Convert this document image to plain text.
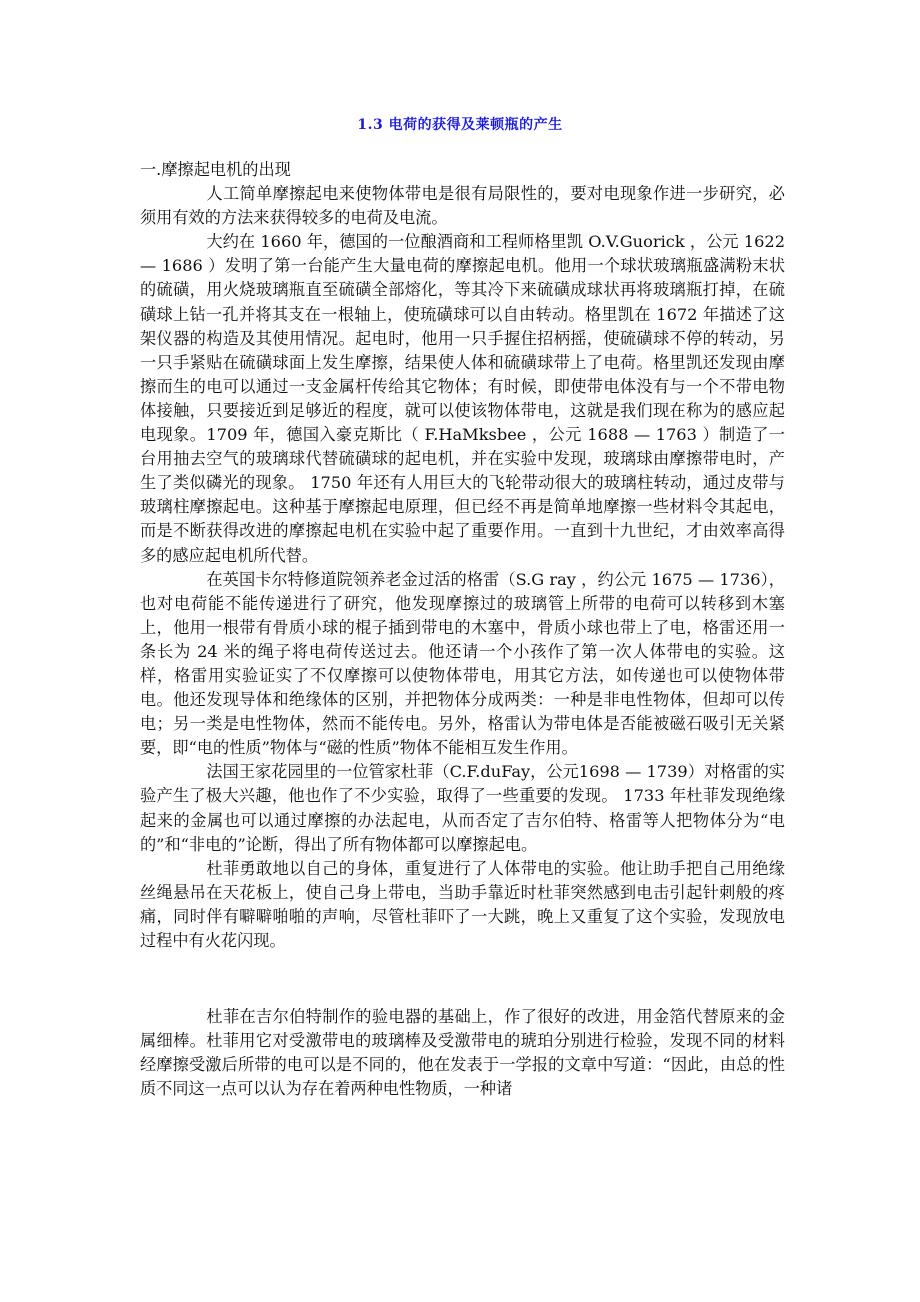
1.3 电荷的获得及莱顿瓶的产生

一.摩擦起电机的出现

人工简单摩擦起电来使物体带电是很有局限性的，要对电现象作进一步研究，必须用有效的方法来获得较多的电荷及电流。

大约在 1660 年，德国的一位酿酒商和工程师格里凯 O.V.Guorick ，公元 1622 — 1686 ）发明了第一台能产生大量电荷的摩擦起电机。他用一个球状玻璃瓶盛满粉末状的硫磺，用火烧玻璃瓶直至硫磺全部熔化，等其冷下来硫磺成球状再将玻璃瓶打掉，在硫磺球上钻一孔并将其支在一根轴上，使琉磺球可以自由转动。格里凯在 1672 年描述了这架仪器的构造及其使用情况。起电时，他用一只手握住招柄摇，使硫磺球不停的转动，另一只手紧贴在硫磺球面上发生摩擦，结果使人体和硫磺球带上了电荷。格里凯还发现由摩擦而生的电可以通过一支金属杆传给其它物体；有时候，即使带电体没有与一个不带电物体接触，只要接近到足够近的程度，就可以使该物体带电，这就是我们现在称为的感应起电现象。1709 年，德国入豪克斯比（ F.HaMksbee ，公元 1688 — 1763 ）制造了一台用抽去空气的玻璃球代替硫磺球的起电机，并在实验中发现，玻璃球由摩擦带电时，产生了类似磷光的现象。 1750 年还有人用巨大的飞轮带动很大的玻璃柱转动，通过皮带与玻璃柱摩擦起电。这种基于摩擦起电原理，但已经不再是简单地摩擦一些材料令其起电，而是不断获得改进的摩擦起电机在实验中起了重要作用。一直到十九世纪，才由效率高得多的感应起电机所代替。

在英国卡尔特修道院领养老金过活的格雷（S.G ray ，约公元 1675 — 1736），也对电荷能不能传递进行了研究，他发现摩擦过的玻璃管上所带的电荷可以转移到木塞上，他用一根带有骨质小球的棍子插到带电的木塞中，骨质小球也带上了电，格雷还用一条长为 24 米的绳子将电荷传送过去。他还请一个小孩作了第一次人体带电的实验。这样，格雷用实验证实了不仅摩擦可以使物体带电，用其它方法，如传递也可以使物体带电。他还发现导体和绝缘体的区别，并把物体分成两类：一种是非电性物体，但却可以传电；另一类是电性物体，然而不能传电。另外，格雷认为带电体是否能被磁石吸引无关紧要，即“电的性质”物体与“磁的性质”物体不能相互发生作用。

法国王家花园里的一位管家杜菲（C.F.duFay，公元1698 — 1739）对格雷的实验产生了极大兴趣，他也作了不少实验，取得了一些重要的发现。 1733 年杜菲发现绝缘起来的金属也可以通过摩擦的办法起电，从而否定了吉尔伯特、格雷等人把物体分为“电的”和“非电的”论断，得出了所有物体都可以摩擦起电。

杜菲勇敢地以自己的身体，重复进行了人体带电的实验。他让助手把自己用绝缘丝绳悬吊在天花板上，使自己身上带电，当助手靠近时杜菲突然感到电击引起针刺般的疼痛，同时伴有噼噼啪啪的声响，尽管杜菲吓了一大跳，晚上又重复了这个实验，发现放电过程中有火花闪现。

杜菲在吉尔伯特制作的验电器的基础上，作了很好的改进，用金箔代替原来的金属细棒。杜菲用它对受激带电的玻璃棒及受激带电的琥珀分别进行检验，发现不同的材料经摩擦受激后所带的电可以是不同的，他在发表于一学报的文章中写道：“因此，由总的性质不同这一点可以认为存在着两种电性物质，一种诸
